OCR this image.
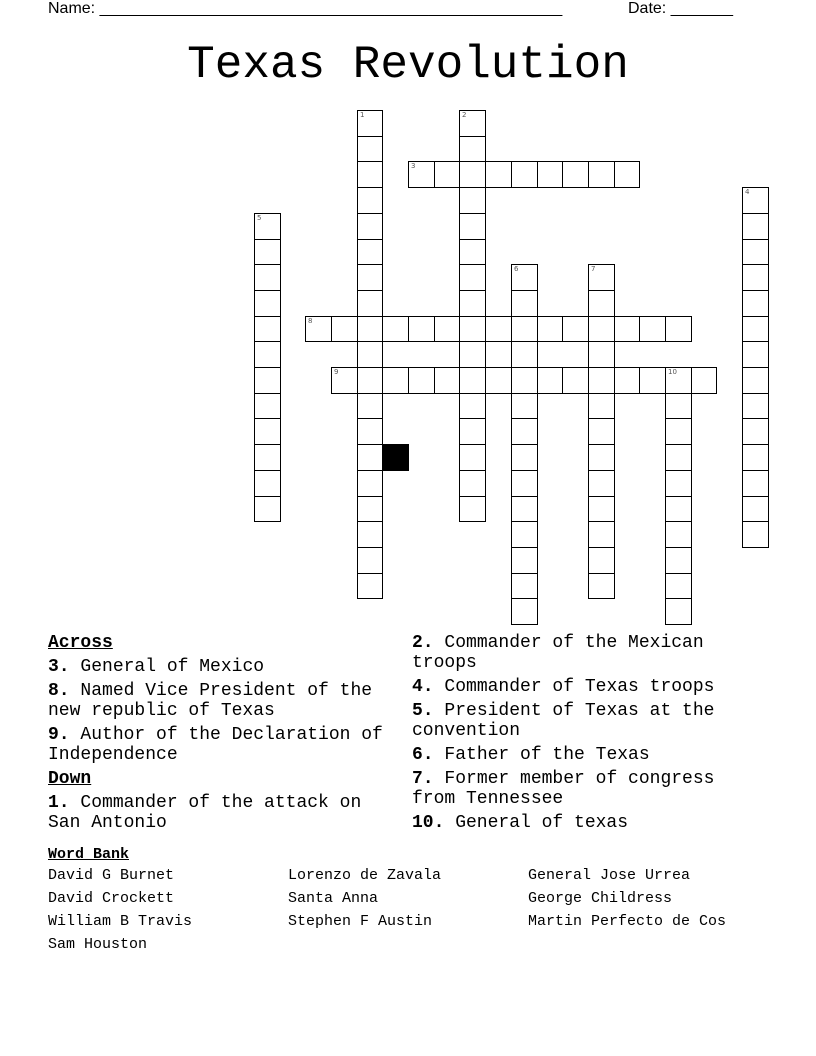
Name: ____________________________________________________	Date: _______
Texas Revolution
1	2
3
4
5
6	7
8
9	10
Across
3. General of Mexico
8. Named Vice President of the new republic of Texas
9. Author of the Declaration of Independence
Down
1. Commander of the attack on San Antonio
2. Commander of the Mexican troops
4. Commander of Texas troops
5. President of Texas at the convention
6. Father of the Texas
7. Former member of congress from Tennessee
10. General of texas
Word Bank
David G Burnet	Lorenzo de Zavala	General Jose Urrea
David Crockett	Santa Anna	George Childress
William B Travis	Stephen F Austin	Martin Perfecto de Cos
Sam Houston
